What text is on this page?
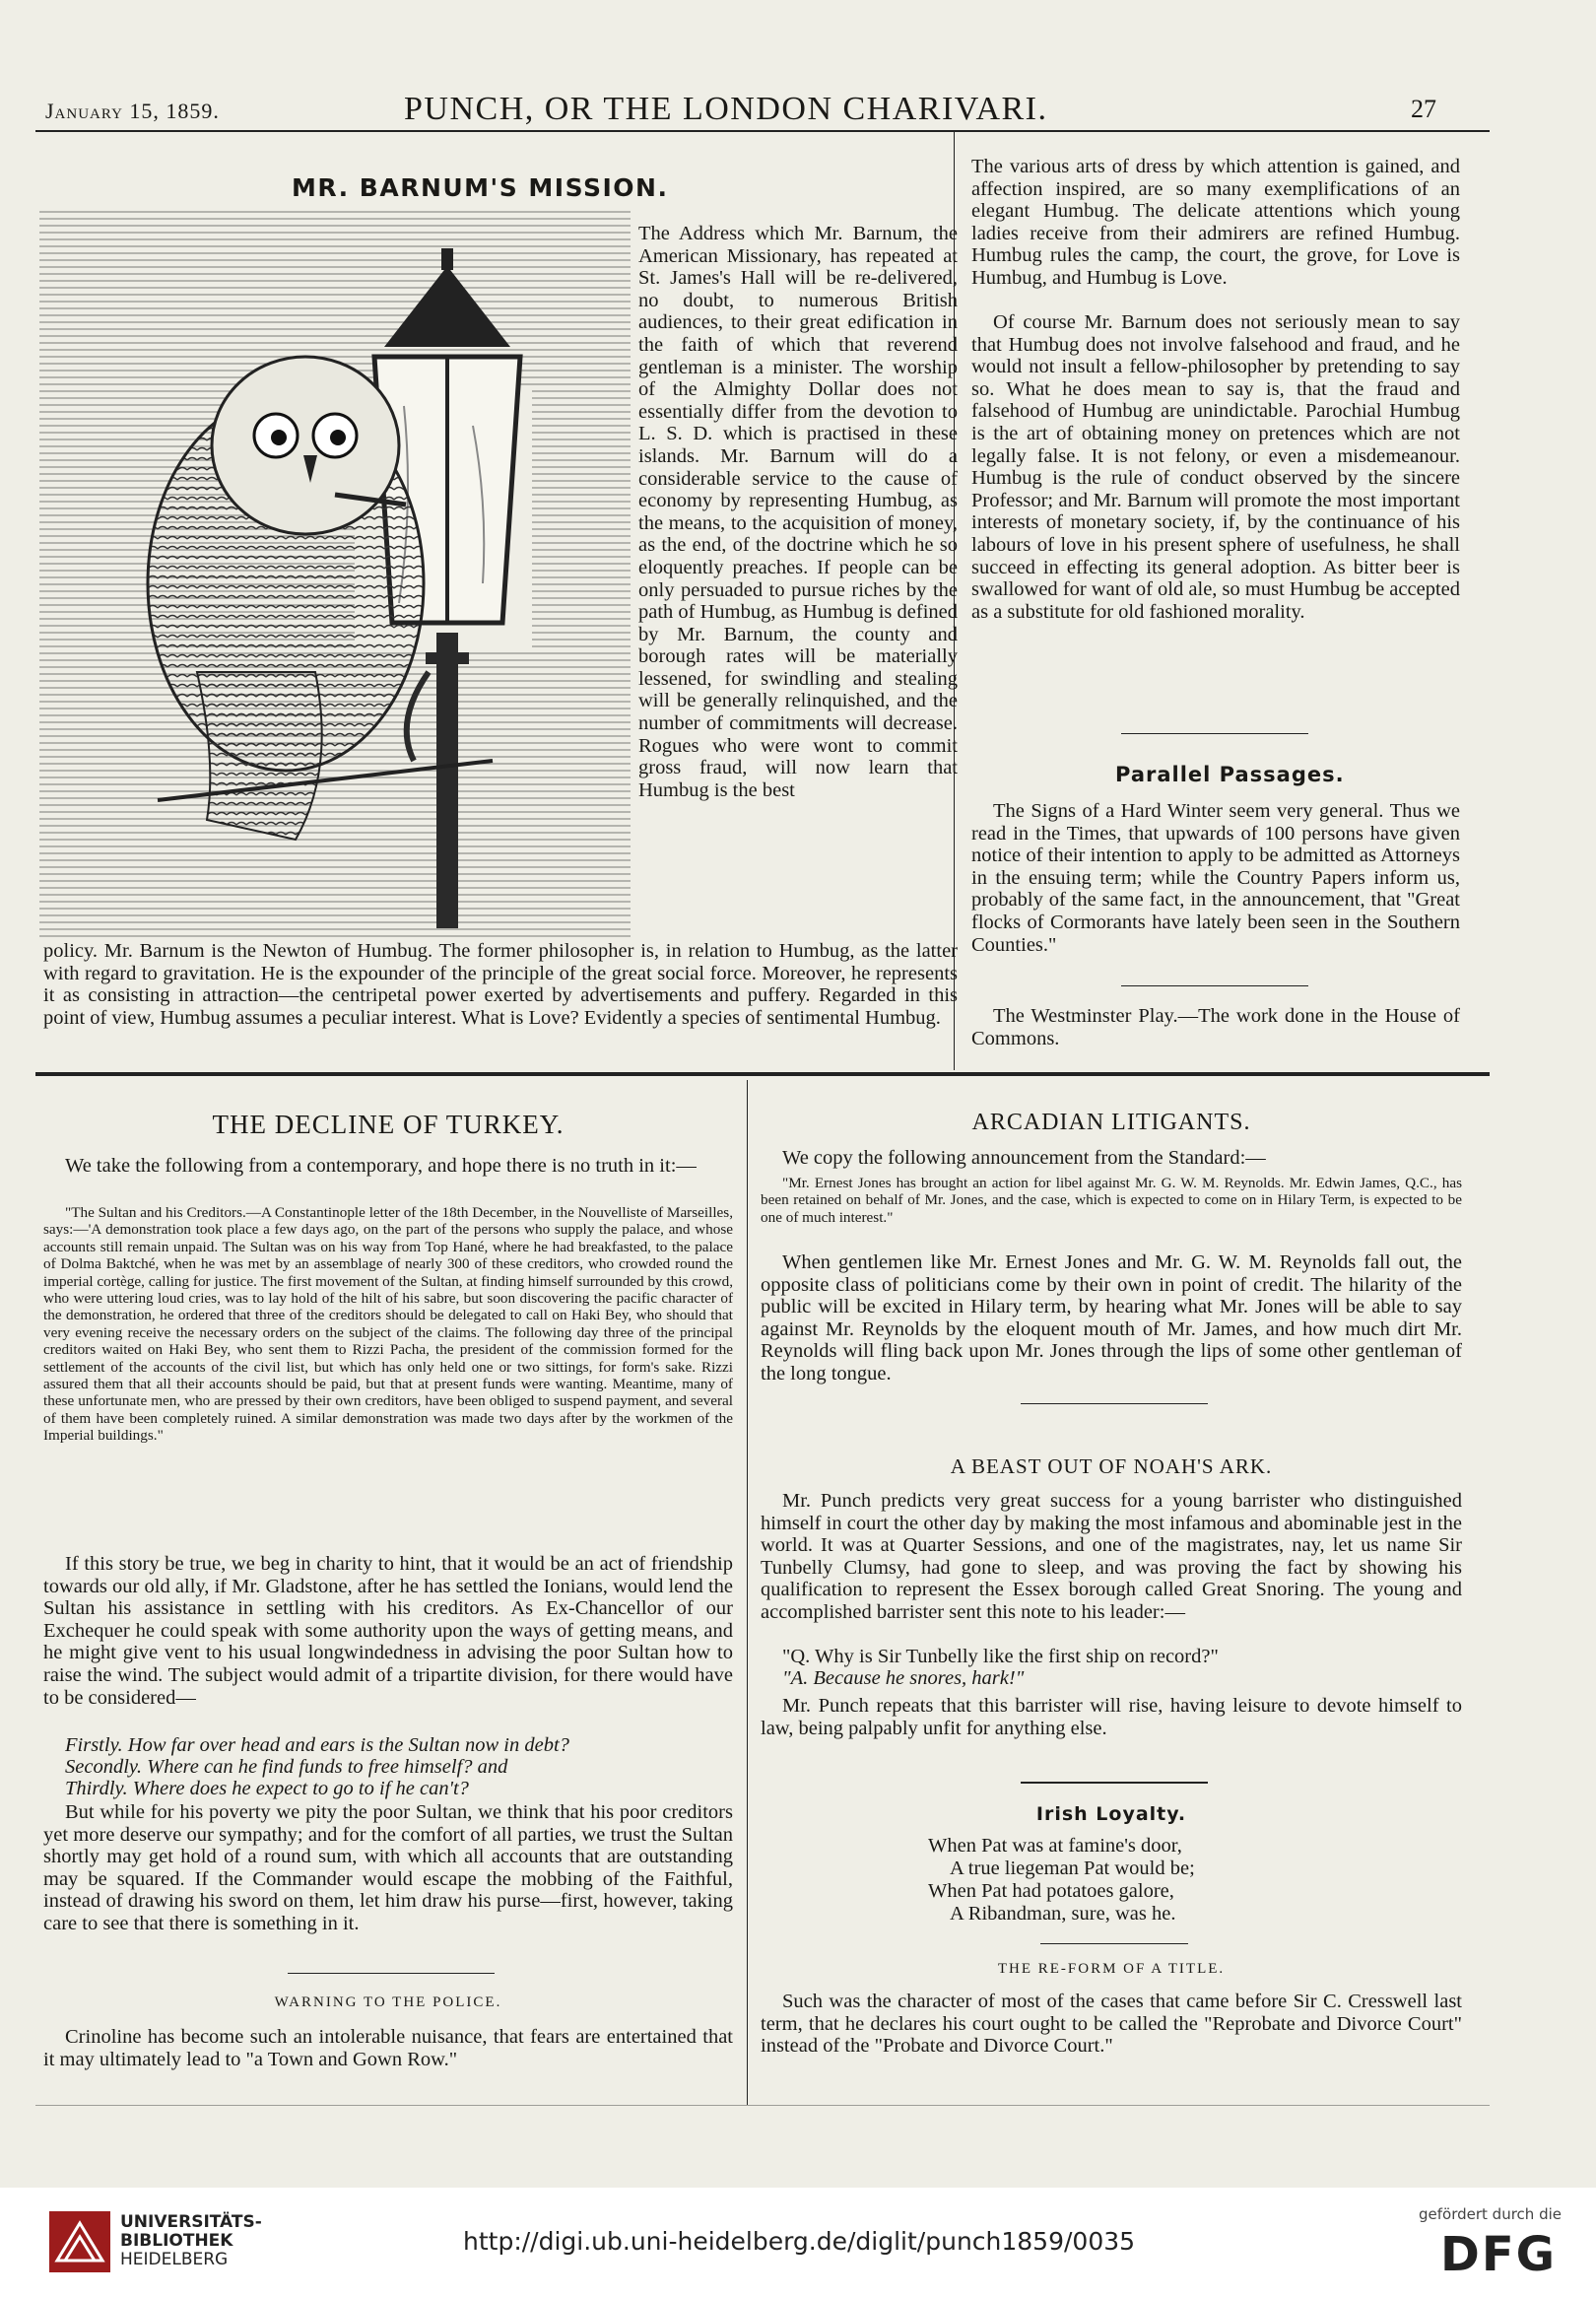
January 15, 1859.	PUNCH, OR THE LONDON CHARIVARI.	27
MR. BARNUM'S MISSION.
The Address which Mr. Barnum, the American Missionary, has repeated at St. James's Hall will be re-delivered, no doubt, to numerous British audiences, to their great edification in the faith of which that reverend gentleman is a minister. The worship of the Almighty Dollar does not essentially differ from the devotion to L. S. D. which is practised in these islands. Mr. Barnum will do a considerable service to the cause of economy by representing Humbug, as the means, to the acquisition of money, as the end, of the doctrine which he so eloquently preaches. If people can be only persuaded to pursue riches by the path of Humbug, as Humbug is defined by Mr. Barnum, the county and borough rates will be materially lessened, for swindling and stealing will be generally relinquished, and the number of commitments will decrease. Rogues who were wont to commit gross fraud, will now learn that Humbug is the best
policy. Mr. Barnum is the Newton of Humbug. The former philosopher is, in relation to Humbug, as the latter with regard to gravitation. He is the expounder of the principle of the great social force. Moreover, he represents it as consisting in attraction—the centripetal power exerted by advertisements and puffery. Regarded in this point of view, Humbug assumes a peculiar interest. What is Love? Evidently a species of sentimental Humbug.
The various arts of dress by which attention is gained, and affection inspired, are so many exemplifications of an elegant Humbug. The delicate attentions which young ladies receive from their admirers are refined Humbug. Humbug rules the camp, the court, the grove, for Love is Humbug, and Humbug is Love.
Of course Mr. Barnum does not seriously mean to say that Humbug does not involve falsehood and fraud, and he would not insult a fellow-philosopher by pretending to say so. What he does mean to say is, that the fraud and falsehood of Humbug are unindictable. Parochial Humbug is the art of obtaining money on pretences which are not legally false. It is not felony, or even a misdemeanour. Humbug is the rule of conduct observed by the sincere Professor; and Mr. Barnum will promote the most important interests of monetary society, if, by the continuance of his labours of love in his present sphere of usefulness, he shall succeed in effecting its general adoption. As bitter beer is swallowed for want of old ale, so must Humbug be accepted as a substitute for old fashioned morality.
Parallel Passages.
The Signs of a Hard Winter seem very general. Thus we read in the Times, that upwards of 100 persons have given notice of their intention to apply to be admitted as Attorneys in the ensuing term; while the Country Papers inform us, probably of the same fact, in the announcement, that "Great flocks of Cormorants have lately been seen in the Southern Counties."
The Westminster Play.—The work done in the House of Commons.
THE DECLINE OF TURKEY.
We take the following from a contemporary, and hope there is no truth in it:—
"The Sultan and his Creditors.—A Constantinople letter of the 18th December, in the Nouvelliste of Marseilles, says:—'A demonstration took place a few days ago, on the part of the persons who supply the palace, and whose accounts still remain unpaid. The Sultan was on his way from Top Hané, where he had breakfasted, to the palace of Dolma Baktché, when he was met by an assemblage of nearly 300 of these creditors, who crowded round the imperial cortège, calling for justice. The first movement of the Sultan, at finding himself surrounded by this crowd, who were uttering loud cries, was to lay hold of the hilt of his sabre, but soon discovering the pacific character of the demonstration, he ordered that three of the creditors should be delegated to call on Haki Bey, who should that very evening receive the necessary orders on the subject of the claims. The following day three of the principal creditors waited on Haki Bey, who sent them to Rizzi Pacha, the president of the commission formed for the settlement of the accounts of the civil list, but which has only held one or two sittings, for form's sake. Rizzi assured them that all their accounts should be paid, but that at present funds were wanting. Meantime, many of these unfortunate men, who are pressed by their own creditors, have been obliged to suspend payment, and several of them have been completely ruined. A similar demonstration was made two days after by the workmen of the Imperial buildings."
If this story be true, we beg in charity to hint, that it would be an act of friendship towards our old ally, if Mr. Gladstone, after he has settled the Ionians, would lend the Sultan his assistance in settling with his creditors. As Ex-Chancellor of our Exchequer he could speak with some authority upon the ways of getting means, and he might give vent to his usual longwindedness in advising the poor Sultan how to raise the wind. The subject would admit of a tripartite division, for there would have to be considered—
Firstly. How far over head and ears is the Sultan now in debt?
Secondly. Where can he find funds to free himself? and
Thirdly. Where does he expect to go to if he can't?
But while for his poverty we pity the poor Sultan, we think that his poor creditors yet more deserve our sympathy; and for the comfort of all parties, we trust the Sultan shortly may get hold of a round sum, with which all accounts that are outstanding may be squared. If the Commander would escape the mobbing of the Faithful, instead of drawing his sword on them, let him draw his purse—first, however, taking care to see that there is something in it.
WARNING TO THE POLICE.
Crinoline has become such an intolerable nuisance, that fears are entertained that it may ultimately lead to "a Town and Gown Row."
ARCADIAN LITIGANTS.
We copy the following announcement from the Standard:—
"Mr. Ernest Jones has brought an action for libel against Mr. G. W. M. Reynolds. Mr. Edwin James, Q.C., has been retained on behalf of Mr. Jones, and the case, which is expected to come on in Hilary Term, is expected to be one of much interest."
When gentlemen like Mr. Ernest Jones and Mr. G. W. M. Reynolds fall out, the opposite class of politicians come by their own in point of credit. The hilarity of the public will be excited in Hilary term, by hearing what Mr. Jones will be able to say against Mr. Reynolds by the eloquent mouth of Mr. James, and how much dirt Mr. Reynolds will fling back upon Mr. Jones through the lips of some other gentleman of the long tongue.
A BEAST OUT OF NOAH'S ARK.
Mr. Punch predicts very great success for a young barrister who distinguished himself in court the other day by making the most infamous and abominable jest in the world. It was at Quarter Sessions, and one of the magistrates, nay, let us name Sir Tunbelly Clumsy, had gone to sleep, and was proving the fact by showing his qualification to represent the Essex borough called Great Snoring. The young and accomplished barrister sent this note to his leader:—
"Q. Why is Sir Tunbelly like the first ship on record?"
"A. Because he snores, hark!"
Mr. Punch repeats that this barrister will rise, having leisure to devote himself to law, being palpably unfit for anything else.
Irish Loyalty.
When Pat was at famine's door,
A true liegeman Pat would be;
When Pat had potatoes galore,
A Ribandman, sure, was he.
THE RE-FORM OF A TITLE.
Such was the character of most of the cases that came before Sir C. Cresswell last term, that he declares his court ought to be called the "Reprobate and Divorce Court" instead of the "Probate and Divorce Court."
UNIVERSITÄTS-
BIBLIOTHEK
HEIDELBERG
http://digi.ub.uni-heidelberg.de/diglit/punch1859/0035
gefördert durch die
DFG
